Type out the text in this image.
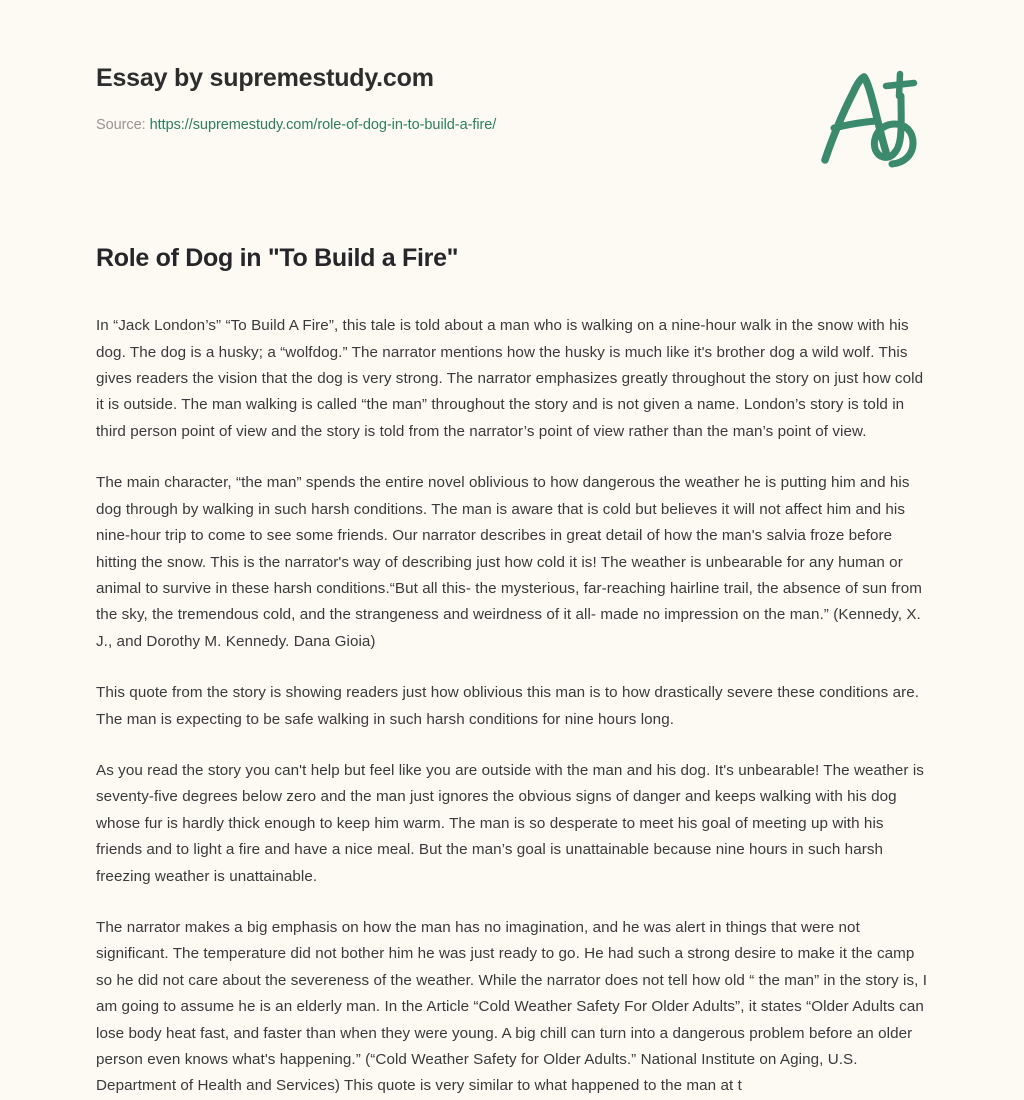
Essay by supremestudy.com
Source: https://supremestudy.com/role-of-dog-in-to-build-a-fire/
Role of Dog in "To Build a Fire"

In “Jack London’s” “To Build A Fire”, this tale is told about a man who is walking on a nine-hour walk in the snow with his dog. The dog is a husky; a “wolfdog.” The narrator mentions how the husky is much like it's brother dog a wild wolf. This gives readers the vision that the dog is very strong. The narrator emphasizes greatly throughout the story on just how cold it is outside. The man walking is called “the man” throughout the story and is not given a name. London’s story is told in third person point of view and the story is told from the narrator’s point of view rather than the man’s point of view.

The main character, “the man” spends the entire novel oblivious to how dangerous the weather he is putting him and his dog through by walking in such harsh conditions. The man is aware that is cold but believes it will not affect him and his nine-hour trip to come to see some friends. Our narrator describes in great detail of how the man's salvia froze before hitting the snow. This is the narrator's way of describing just how cold it is! The weather is unbearable for any human or animal to survive in these harsh conditions.“But all this- the mysterious, far-reaching hairline trail, the absence of sun from the sky, the tremendous cold, and the strangeness and weirdness of it all- made no impression on the man.” (Kennedy, X. J., and Dorothy M. Kennedy. Dana Gioia)

This quote from the story is showing readers just how oblivious this man is to how drastically severe these conditions are. The man is expecting to be safe walking in such harsh conditions for nine hours long.

As you read the story you can't help but feel like you are outside with the man and his dog. It's unbearable! The weather is seventy-five degrees below zero and the man just ignores the obvious signs of danger and keeps walking with his dog whose fur is hardly thick enough to keep him warm. The man is so desperate to meet his goal of meeting up with his friends and to light a fire and have a nice meal. But the man’s goal is unattainable because nine hours in such harsh freezing weather is unattainable.

The narrator makes a big emphasis on how the man has no imagination, and he was alert in things that were not significant. The temperature did not bother him he was just ready to go. He had such a strong desire to make it the camp so he did not care about the severeness of the weather. While the narrator does not tell how old “ the man” in the story is, I am going to assume he is an elderly man. In the Article “Cold Weather Safety For Older Adults”, it states “Older Adults can lose body heat fast, and faster than when they were young. A big chill can turn into a dangerous problem before an older person even knows what's happening.” (“Cold Weather Safety for Older Adults.” National Institute on Aging, U.S. Department of Health and Services) This quote is very similar to what happened to the man at t
